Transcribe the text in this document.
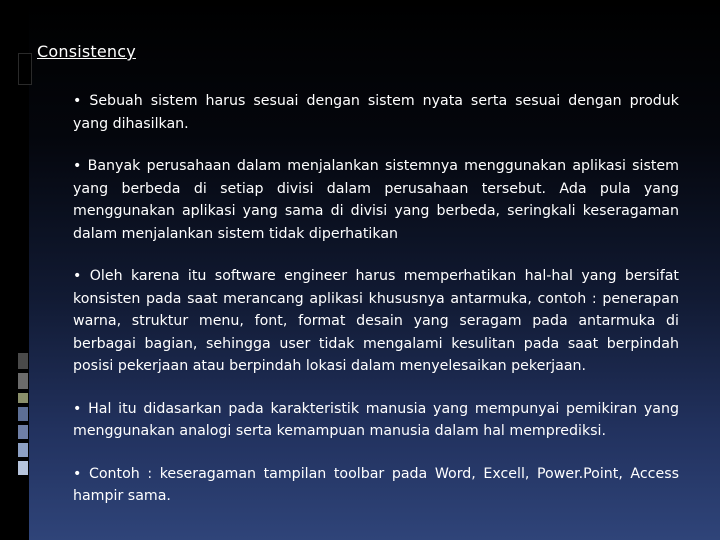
Consistency

• Sebuah sistem harus sesuai dengan sistem nyata serta sesuai dengan produk yang dihasilkan.

• Banyak perusahaan dalam menjalankan sistemnya menggunakan aplikasi sistem yang berbeda di setiap divisi dalam perusahaan tersebut. Ada pula yang menggunakan aplikasi yang sama di divisi yang berbeda, seringkali keseragaman dalam menjalankan sistem tidak diperhatikan

• Oleh karena itu software engineer harus memperhatikan hal-hal yang bersifat konsisten pada saat merancang aplikasi khususnya antarmuka, contoh : penerapan warna, struktur menu, font, format desain yang seragam pada antarmuka di berbagai bagian, sehingga user tidak mengalami kesulitan pada saat berpindah posisi pekerjaan atau berpindah lokasi dalam menyelesaikan pekerjaan.

• Hal itu didasarkan pada karakteristik manusia yang mempunyai pemikiran yang menggunakan analogi serta kemampuan manusia dalam hal memprediksi.

• Contoh : keseragaman tampilan toolbar pada Word, Excell, Power.Point, Access hampir sama.
